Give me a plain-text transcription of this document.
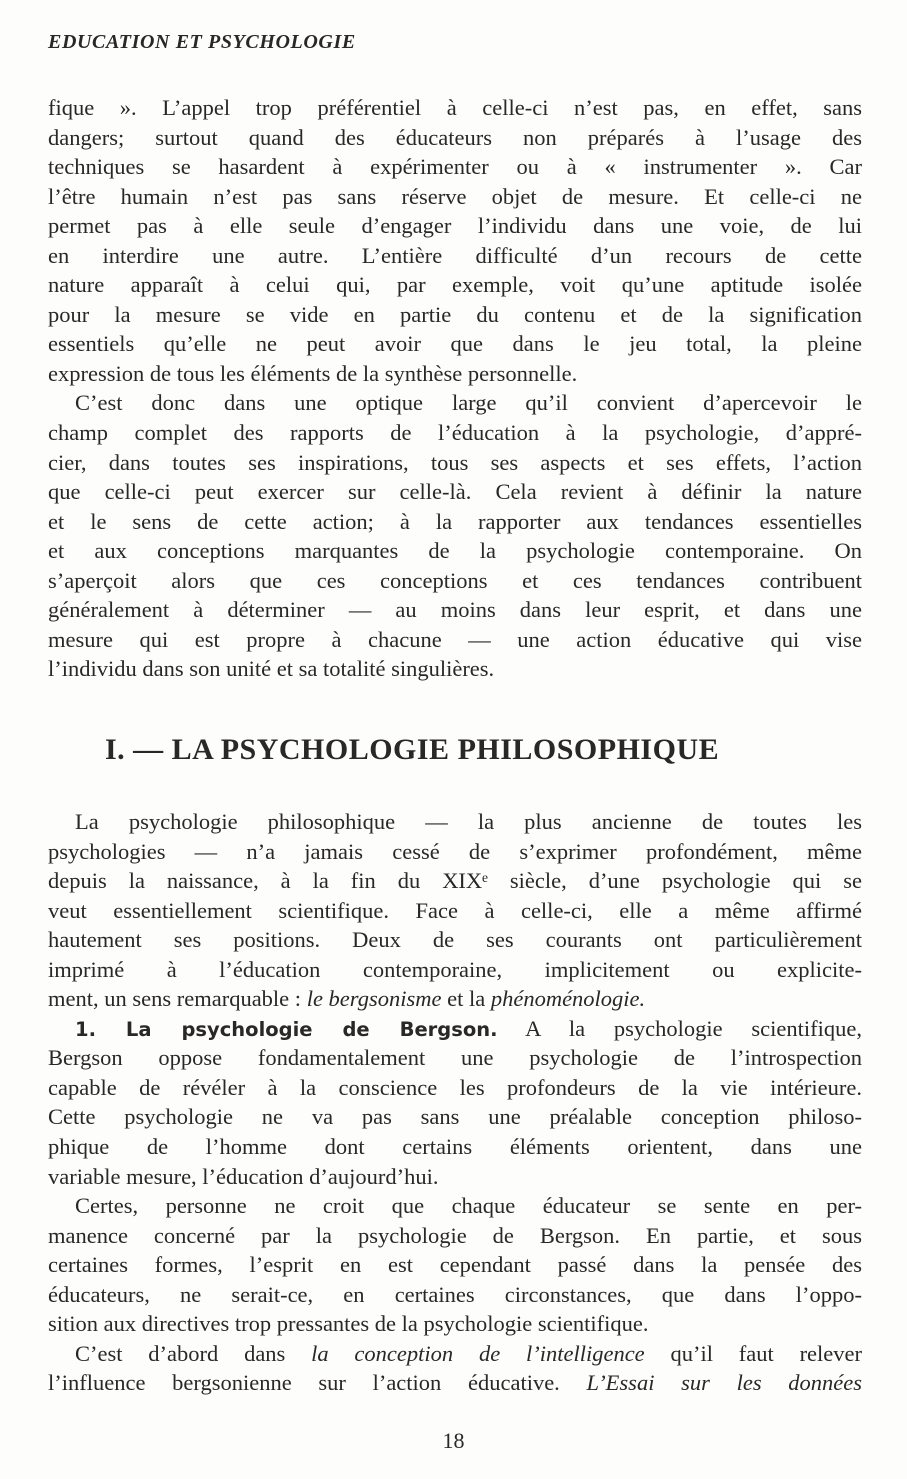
EDUCATION ET PSYCHOLOGIE
fique ». L’appel trop préférentiel à celle-ci n’est pas, en effet, sans
dangers; surtout quand des éducateurs non préparés à l’usage des
techniques se hasardent à expérimenter ou à « instrumenter ». Car
l’être humain n’est pas sans réserve objet de mesure. Et celle-ci ne
permet pas à elle seule d’engager l’individu dans une voie, de lui
en interdire une autre. L’entière difficulté d’un recours de cette
nature apparaît à celui qui, par exemple, voit qu’une aptitude isolée
pour la mesure se vide en partie du contenu et de la signification
essentiels qu’elle ne peut avoir que dans le jeu total, la pleine
expression de tous les éléments de la synthèse personnelle.
C’est donc dans une optique large qu’il convient d’apercevoir le
champ complet des rapports de l’éducation à la psychologie, d’appré-
cier, dans toutes ses inspirations, tous ses aspects et ses effets, l’action
que celle-ci peut exercer sur celle-là. Cela revient à définir la nature
et le sens de cette action; à la rapporter aux tendances essentielles
et aux conceptions marquantes de la psychologie contemporaine. On
s’aperçoit alors que ces conceptions et ces tendances contribuent
généralement à déterminer — au moins dans leur esprit, et dans une
mesure qui est propre à chacune — une action éducative qui vise
l’individu dans son unité et sa totalité singulières.
I. — LA PSYCHOLOGIE PHILOSOPHIQUE
La psychologie philosophique — la plus ancienne de toutes les
psychologies — n’a jamais cessé de s’exprimer profondément, même
depuis la naissance, à la fin du XIXᵉ siècle, d’une psychologie qui se
veut essentiellement scientifique. Face à celle-ci, elle a même affirmé
hautement ses positions. Deux de ses courants ont particulièrement
imprimé à l’éducation contemporaine, implicitement ou explicite-
ment, un sens remarquable : le bergsonisme et la phénoménologie.
1. La psychologie de Bergson. A la psychologie scientifique,
Bergson oppose fondamentalement une psychologie de l’introspection
capable de révéler à la conscience les profondeurs de la vie intérieure.
Cette psychologie ne va pas sans une préalable conception philoso-
phique de l’homme dont certains éléments orientent, dans une
variable mesure, l’éducation d’aujourd’hui.
Certes, personne ne croit que chaque éducateur se sente en per-
manence concerné par la psychologie de Bergson. En partie, et sous
certaines formes, l’esprit en est cependant passé dans la pensée des
éducateurs, ne serait-ce, en certaines circonstances, que dans l’oppo-
sition aux directives trop pressantes de la psychologie scientifique.
C’est d’abord dans la conception de l’intelligence qu’il faut relever
l’influence bergsonienne sur l’action éducative. L’Essai sur les données
18
